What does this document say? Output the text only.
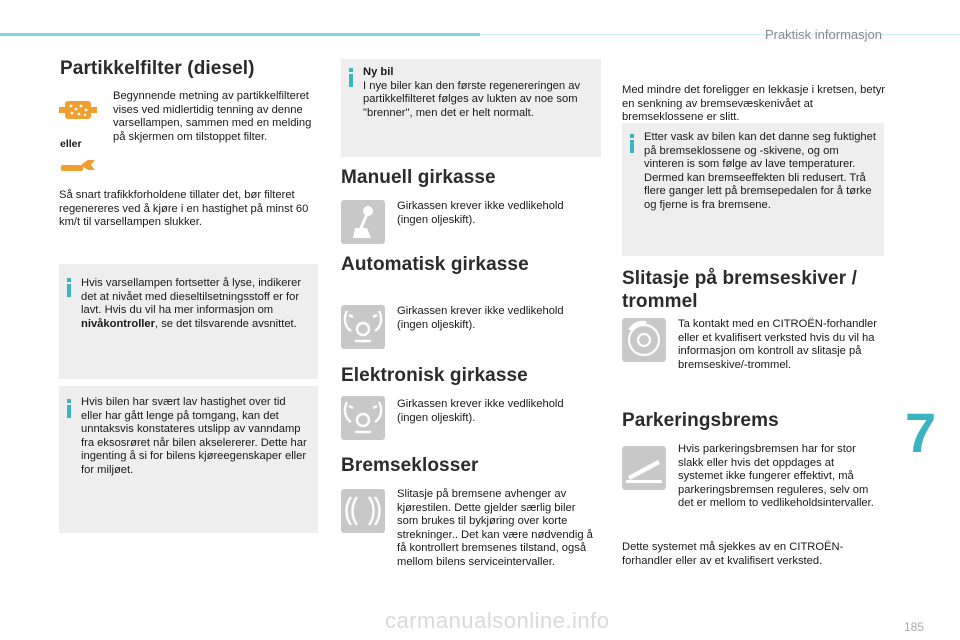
Praktisk informasjon
Partikkelfilter (diesel)
eller
Begynnende metning av partikkelfilteret vises ved midlertidig tenning av denne varsellampen, sammen med en melding på skjermen om tilstoppet filter.
Så snart trafikkforholdene tillater det, bør filteret regenereres ved å kjøre i en hastighet på minst 60 km/t til varsellampen slukker.
Hvis varsellampen fortsetter å lyse, indikerer det at nivået med dieseltilsetningsstoff er for lavt. Hvis du vil ha mer informasjon om nivåkontroller, se det tilsvarende avsnittet.
Hvis bilen har svært lav hastighet over tid eller har gått lenge på tomgang, kan det unntaksvis konstateres utslipp av vanndamp fra eksosrøret når bilen akselererer. Dette har ingenting å si for bilens kjøreegenskaper eller for miljøet.
Ny bil
I nye biler kan den første regenereringen av partikkelfilteret følges av lukten av noe som "brenner", men det er helt normalt.
Manuell girkasse
Girkassen krever ikke vedlikehold (ingen oljeskift).
Automatisk girkasse
Girkassen krever ikke vedlikehold (ingen oljeskift).
Elektronisk girkasse
Girkassen krever ikke vedlikehold (ingen oljeskift).
Bremseklosser
Slitasje på bremsene avhenger av kjørestilen. Dette gjelder særlig biler som brukes til bykjøring over korte strekninger.. Det kan være nødvendig å få kontrollert bremsenes tilstand, også mellom bilens serviceintervaller.
Med mindre det foreligger en lekkasje i kretsen, betyr en senkning av bremsevæskenivået at bremseklossene er slitt.
Etter vask av bilen kan det danne seg fuktighet på bremseklossene og -skivene, og om vinteren is som følge av lave temperaturer. Dermed kan bremseeffekten bli redusert. Trå flere ganger lett på bremsepedalen for å tørke og fjerne is fra bremsene.
Slitasje på bremseskiver / trommel
Ta kontakt med en CITROËN-forhandler eller et kvalifisert verksted hvis du vil ha informasjon om kontroll av slitasje på bremseskive/-trommel.
Parkeringsbrems
Hvis parkeringsbremsen har for stor slakk eller hvis det oppdages at systemet ikke fungerer effektivt, må parkeringsbremsen reguleres, selv om det er mellom to vedlikeholdsintervaller.
Dette systemet må sjekkes av en CITROËN-forhandler eller av et kvalifisert verksted.
7
carmanualsonline.info	185
